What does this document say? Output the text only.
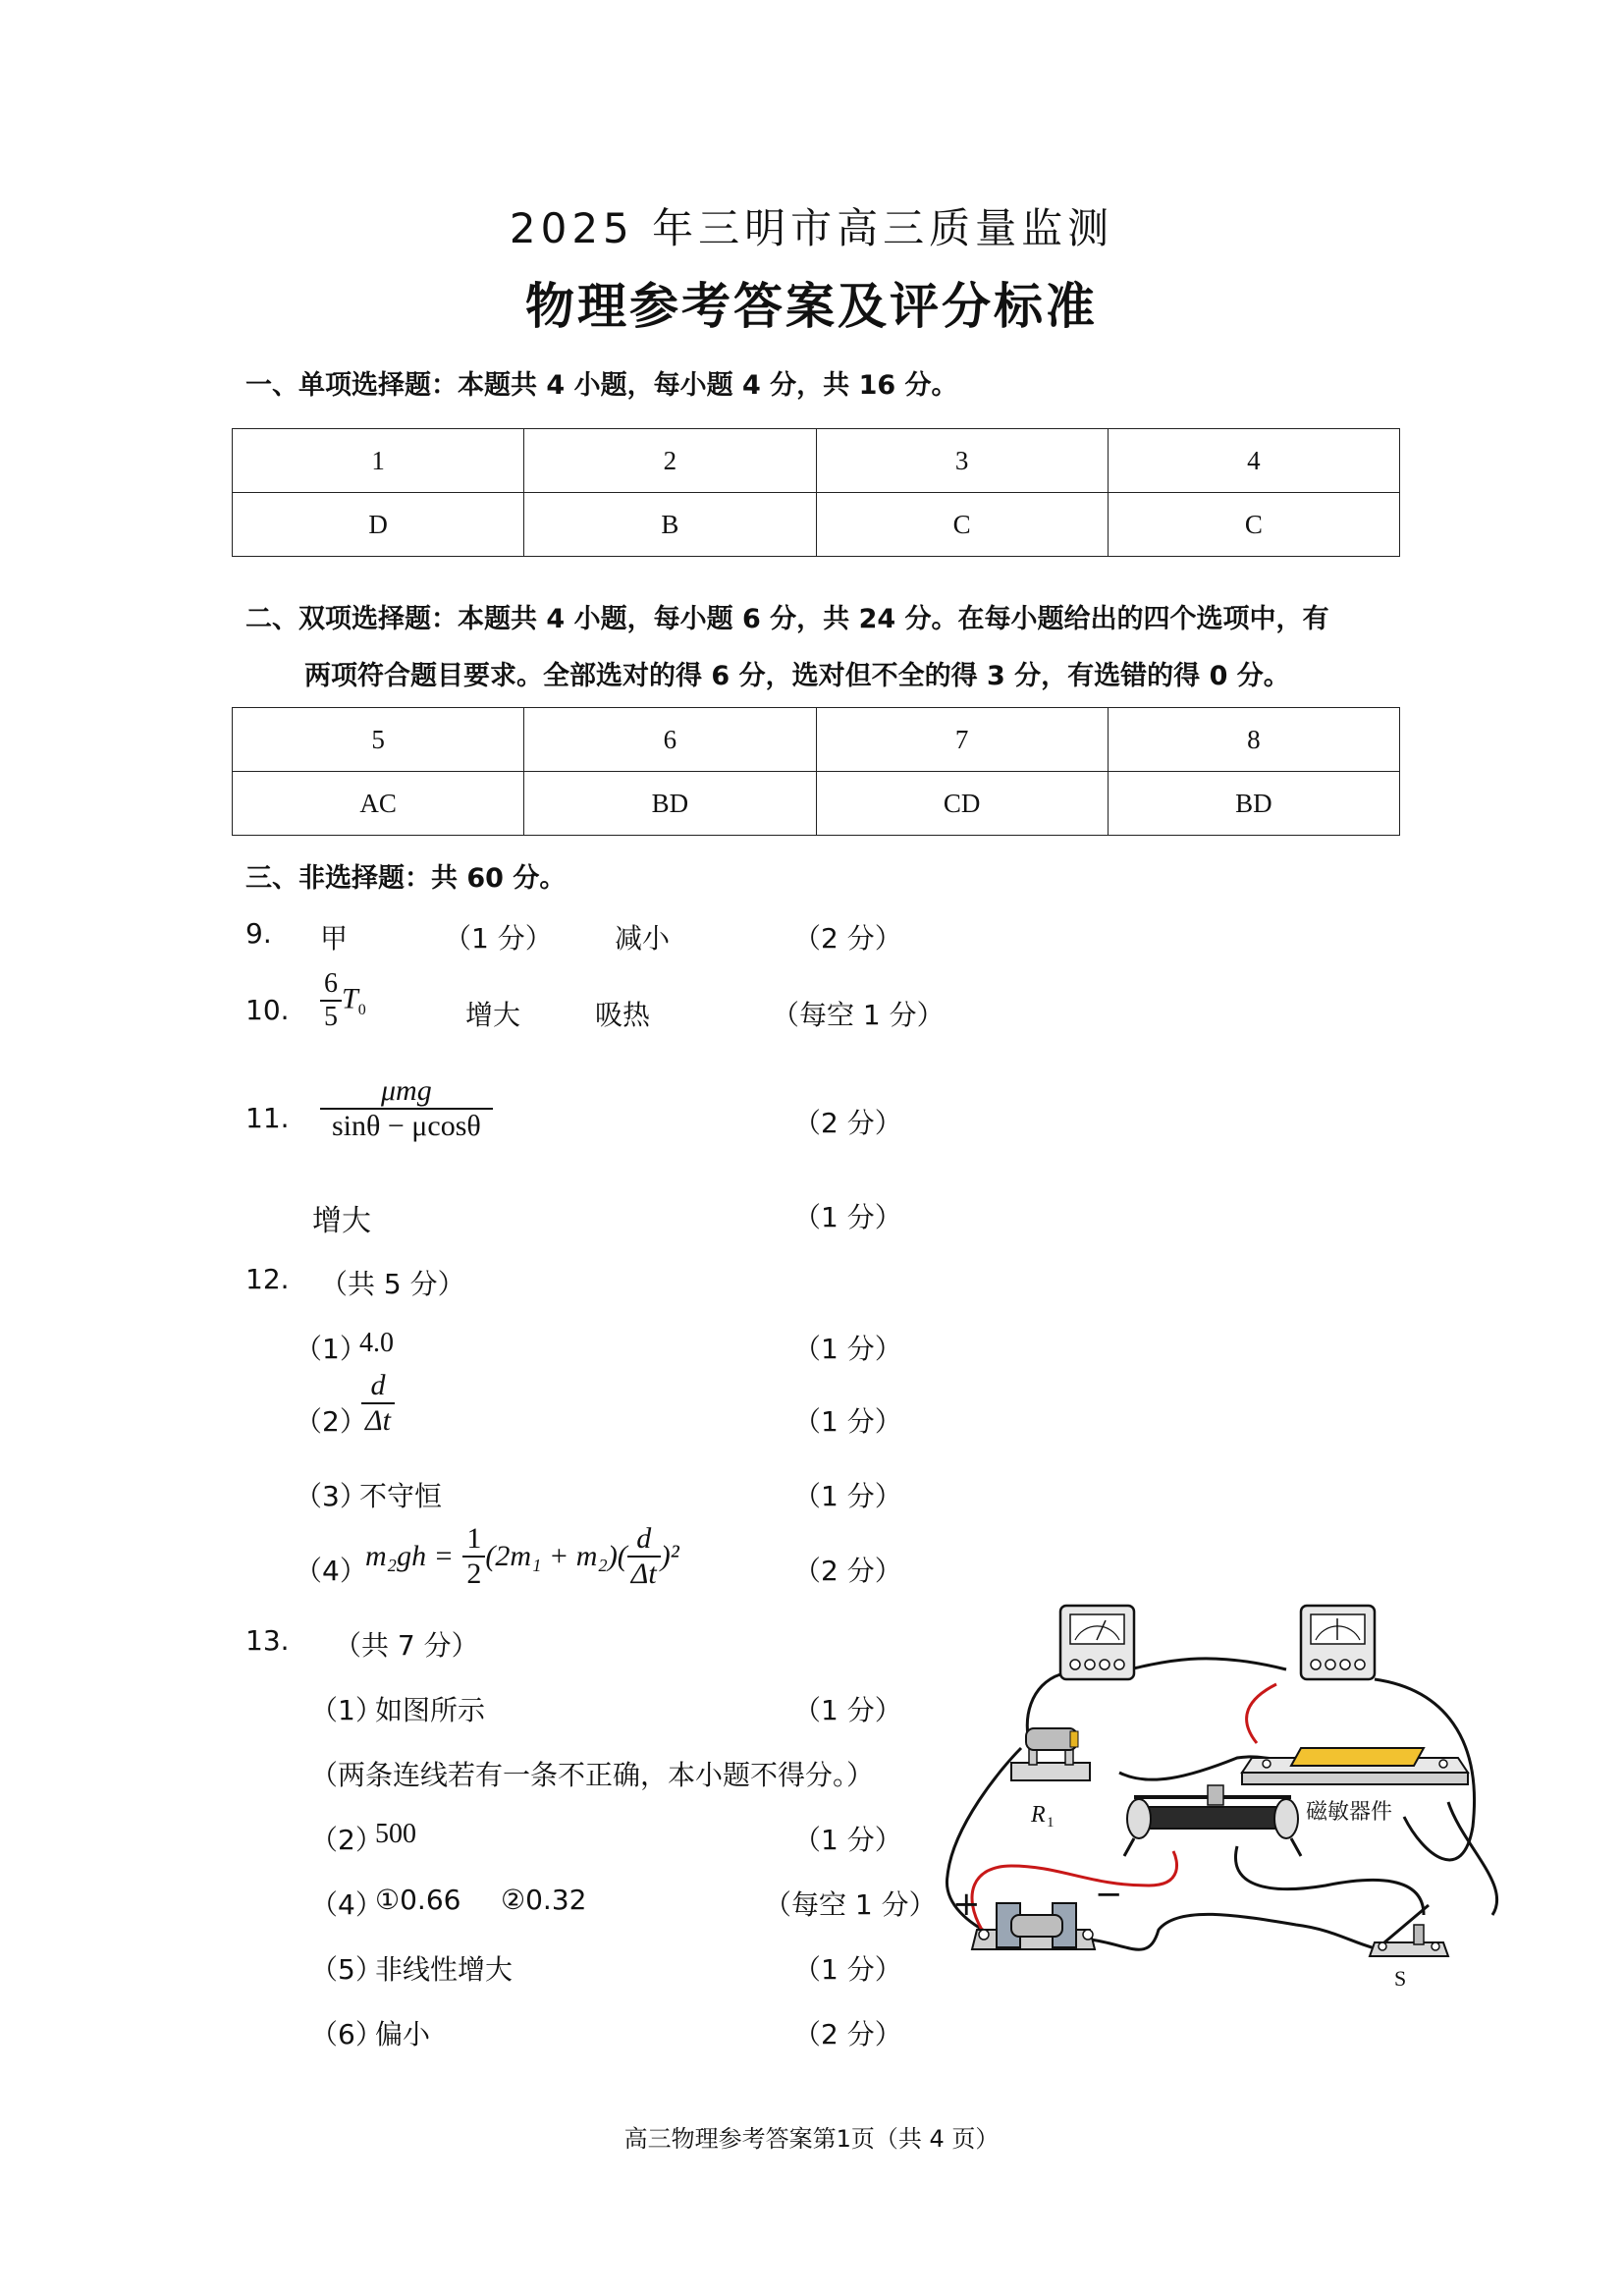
2025 年三明市高三质量监测
物理参考答案及评分标准
一、单项选择题：本题共 4 小题，每小题 4 分，共 16 分。
1	2	3	4
D	B	C	C
二、双项选择题：本题共 4 小题，每小题 6 分，共 24 分。在每小题给出的四个选项中，有
两项符合题目要求。全部选对的得 6 分，选对但不全的得 3 分，有选错的得 0 分。
5	6	7	8
AC	BD	CD	BD
三、非选择题：共 60 分。
9. 甲	（1 分） 减小	（2 分）
10. $\frac{6}{5} T_0$	增大	吸热	（每空 1 分）
11. $\frac{\text{μmg}}{\sin\theta - \mu\cos\theta}$	（2 分）
增大	（1 分）
12. （共 5 分）
（1）
4.0	（1 分）
（2）
$\frac{d}{\Delta t}$	（1 分）
（3）
不守恒	（1 分）
（4）
$m_2gh = \frac{1}{2} (2m_1 + m_2)( \frac{d}{\Delta t} )^2$	（2 分）
13. （共 7 分）
（1）
如图所示	（1 分）
（两条连线若有一条不正确，本小题不得分。）
（2）
500	（1 分）
（4）
①0.66 ②0.32	（每空 1 分）
（5）
非线性增大	（1 分）
（6）
偏小	（2 分）
R 1	磁敏器件
+	−
S
高三物理参考答案第1页（共 4 页）
